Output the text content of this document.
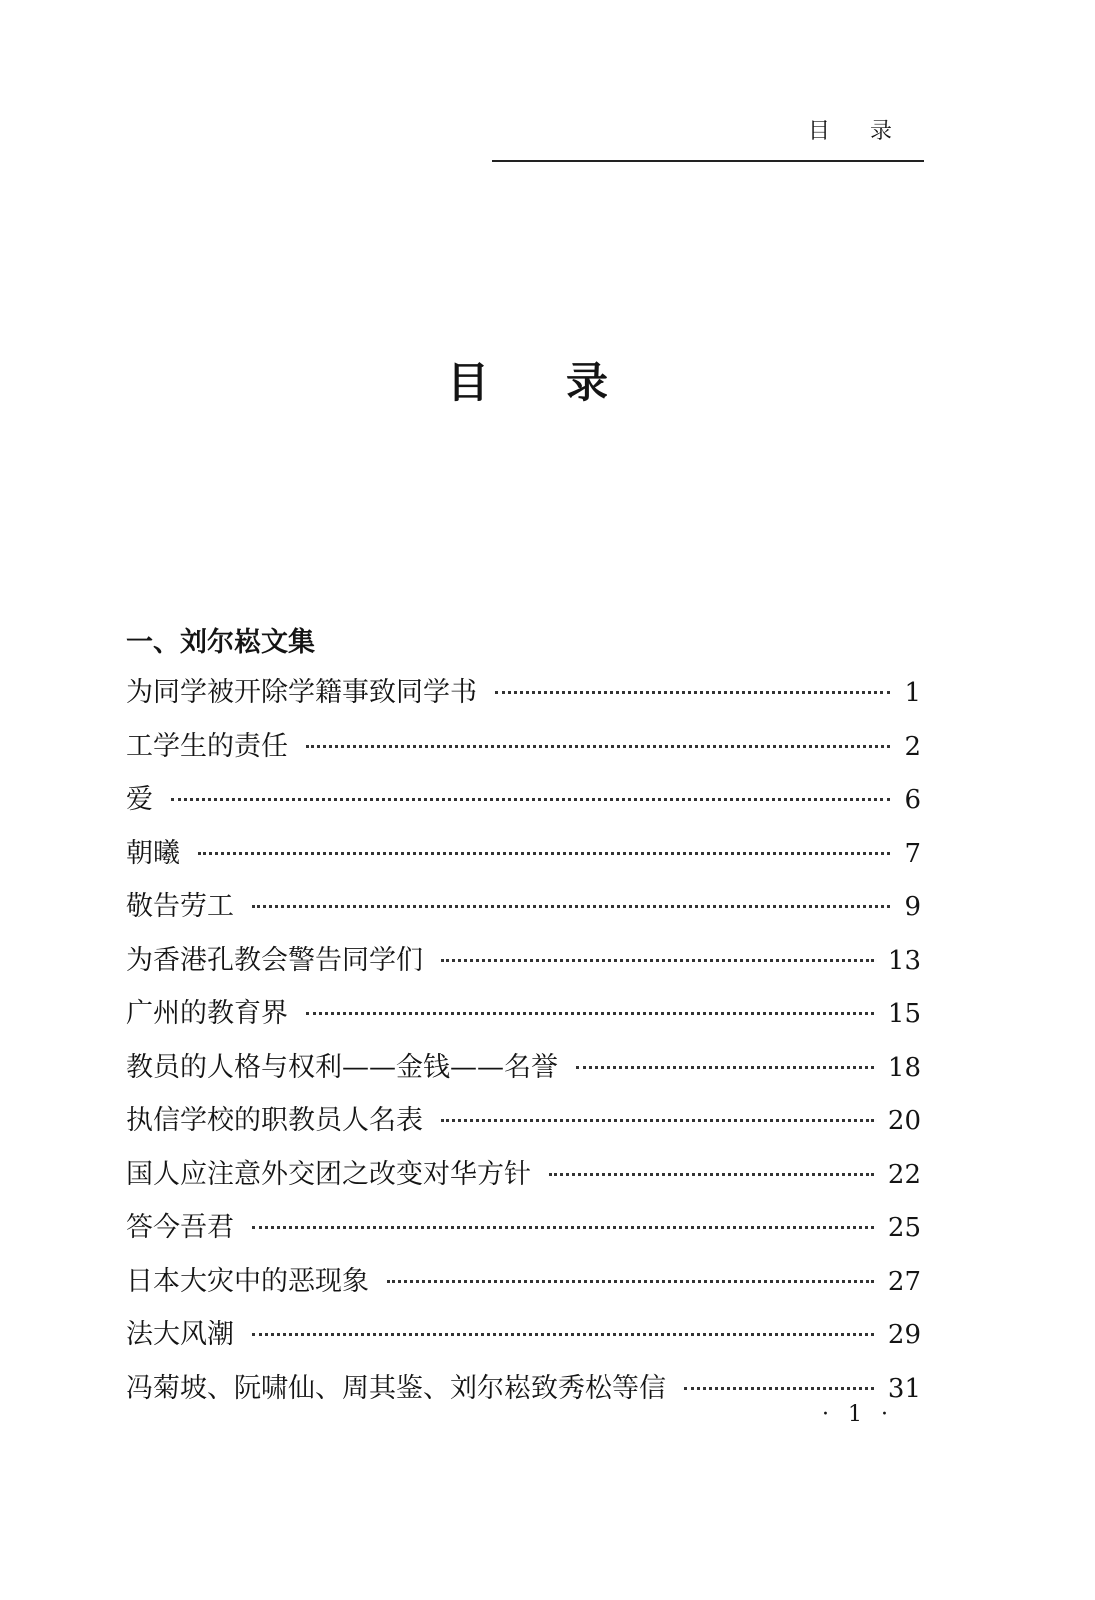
目 录
目 录
一、刘尔崧文集
为同学被开除学籍事致同学书	1
工学生的责任	2
爱	6
朝曦	7
敬告劳工	9
为香港孔教会警告同学们	13
广州的教育界	15
教员的人格与权利——金钱——名誉	18
执信学校的职教员人名表	20
国人应注意外交团之改变对华方针	22
答今吾君	25
日本大灾中的恶现象	27
法大风潮	29
冯菊坡、阮啸仙、周其鉴、刘尔崧致秀松等信	31
· 1 ·
